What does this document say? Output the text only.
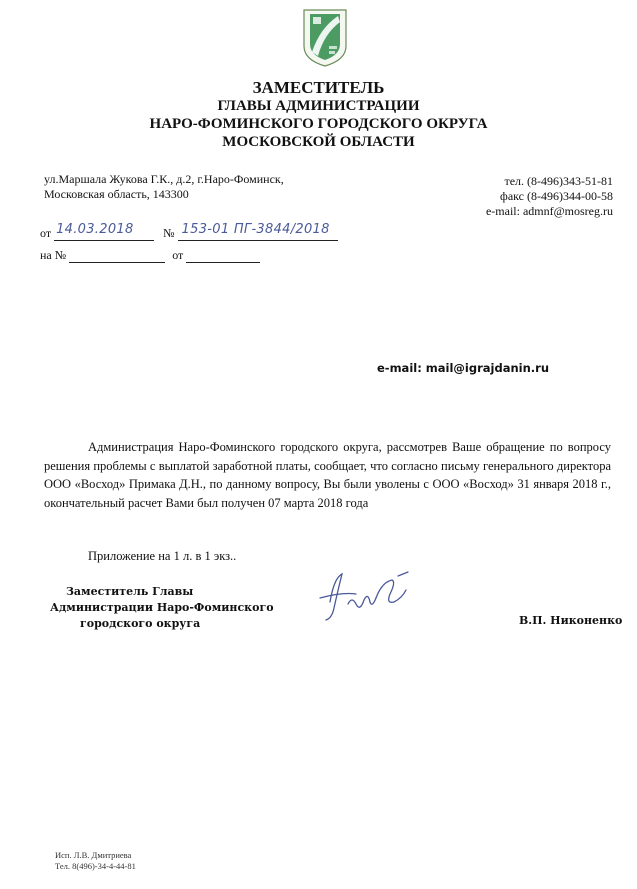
ЗАМЕСТИТЕЛЬ
ГЛАВЫ АДМИНИСТРАЦИИ
НАРО-ФОМИНСКОГО ГОРОДСКОГО ОКРУГА
МОСКОВСКОЙ ОБЛАСТИ
ул.Маршала Жукова Г.К., д.2, г.Наро-Фоминск,
Московская область, 143300
тел. (8-496)343-51-81
факс (8-496)344-00-58
e-mail: admnf@mosreg.ru
от 14.03.2018 № 153-01 ПГ-3844/2018
на №	от
e-mail: mail@igrajdanin.ru

Администрация Наро-Фоминского городского округа, рассмотрев Ваше обращение по вопросу решения проблемы с выплатой заработной платы, сообщает, что согласно письму генерального директора ООО «Восход» Примака Д.Н., по данному вопросу, Вы были уволены с ООО «Восход» 31 января 2018 г., окончательный расчет Вами был получен 07 марта 2018 года

Приложение на 1 л. в 1 экз..
Заместитель Главы
Администрации Наро-Фоминского
городского округа	В.П. Никоненко
Исп. Л.В. Дмитриева
Тел. 8(496)-34-4-44-81
